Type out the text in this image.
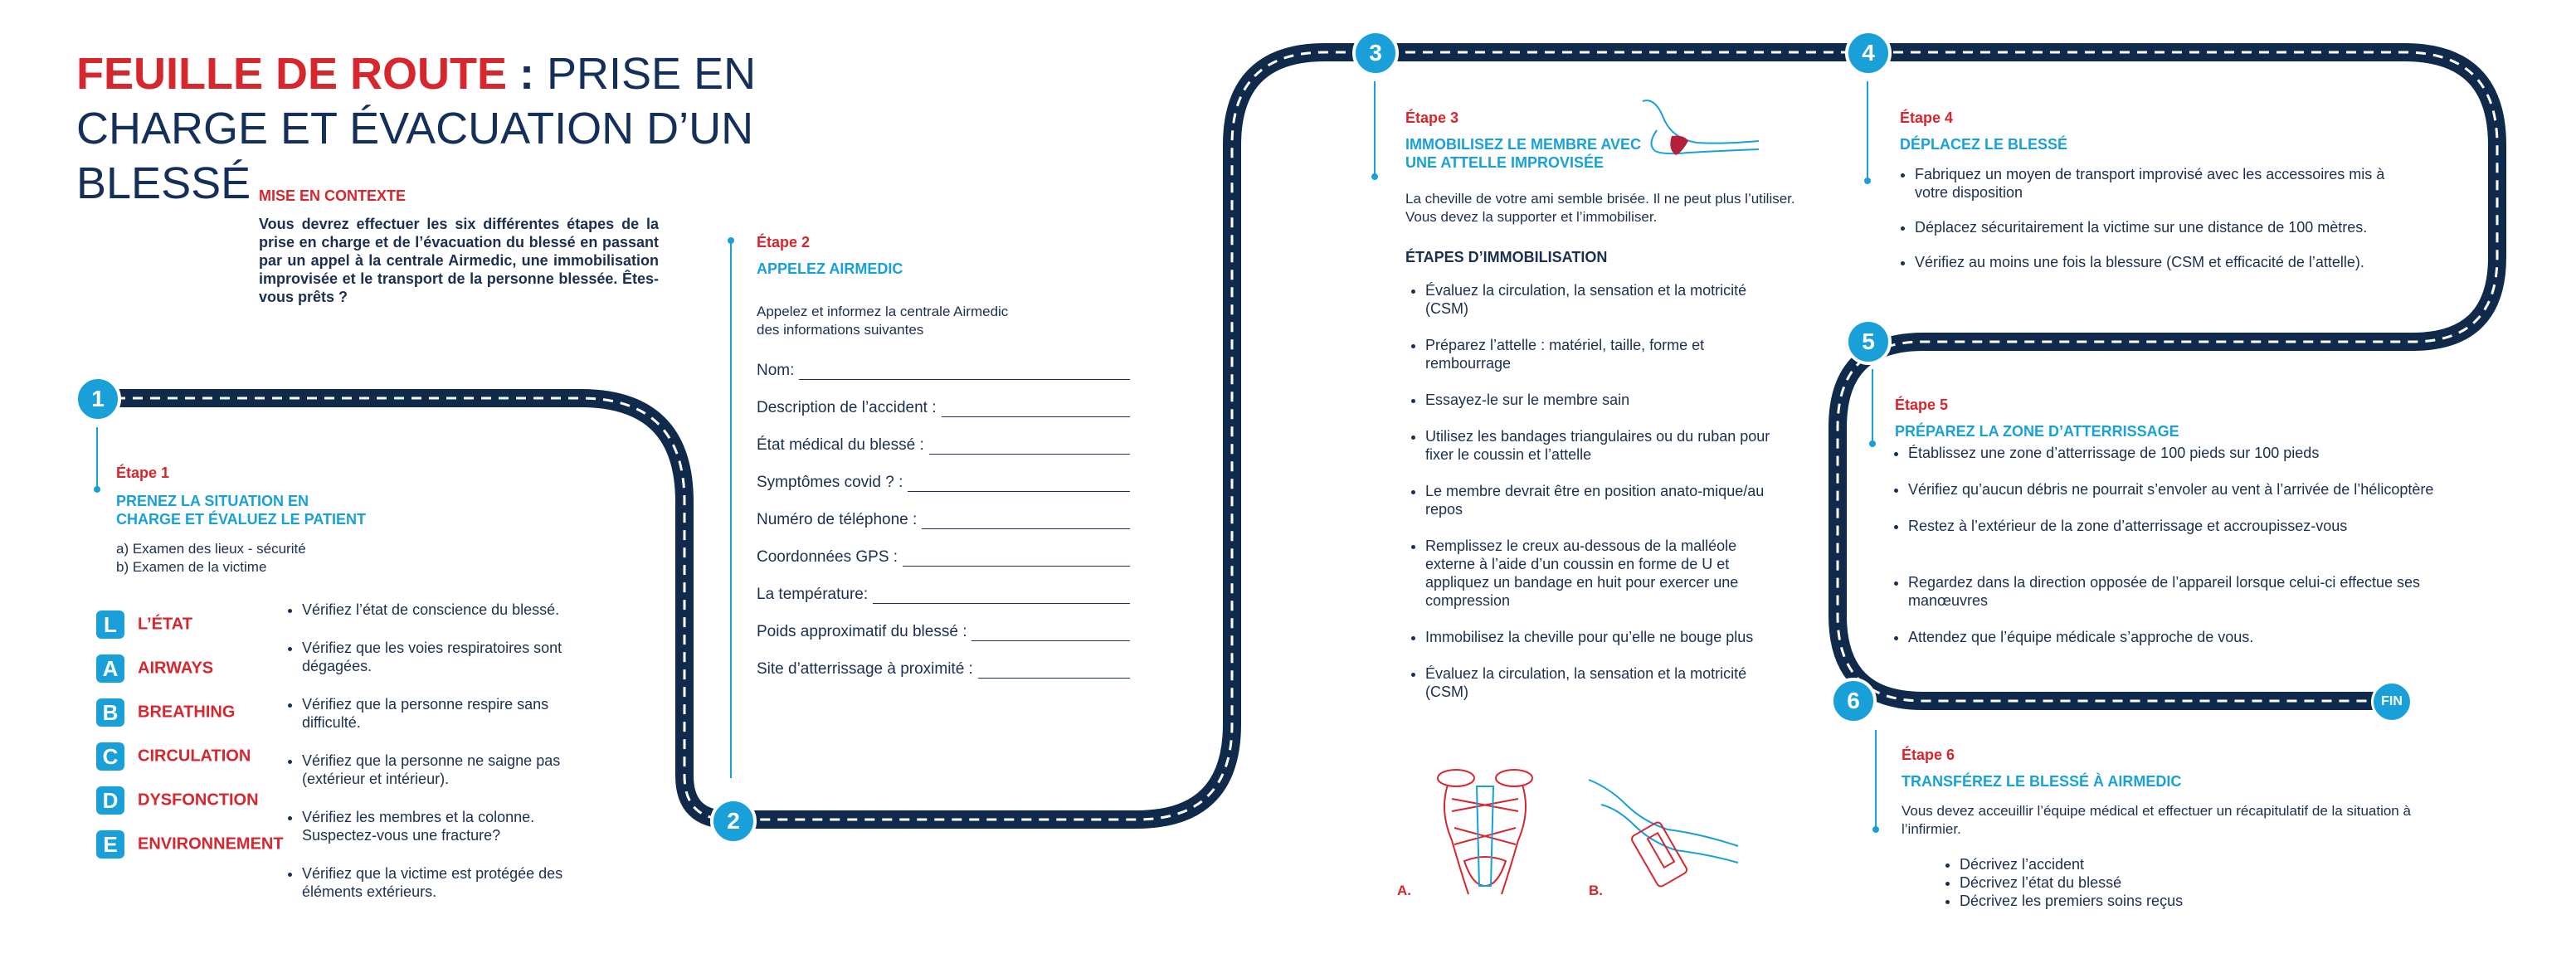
FEUILLE DE ROUTE : PRISE EN
CHARGE ET ÉVACUATION D’UN BLESSÉ MISE EN CONTEXTE
Vous devrez effectuer les six différentes étapes de la prise en charge et de l’évacuation du blessé en passant par un appel à la centrale Airmedic, une immobilisation improvisée et le transport de la personne blessée. Êtes-vous prêts ?
1
2
3	4
5
6	FIN
Étape 1
PRENEZ LA SITUATION EN
CHARGE ET ÉVALUEZ LE PATIENT
a) Examen des lieux - sécurité
b) Examen de la victime
L L’ÉTAT
A AIRWAYS
B BREATHING
C CIRCULATION
D DYSFONCTION
E ENVIRONNEMENT
• Vérifiez l’état de conscience du blessé.
• Vérifiez que les voies respiratoires sont dégagées.
• Vérifiez que la personne respire sans difficulté.
• Vérifiez que la personne ne saigne pas (extérieur et intérieur).
• Vérifiez les membres et la colonne. Suspectez-vous une fracture?
• Vérifiez que la victime est protégée des éléments extérieurs.
Étape 2
APPELEZ AIRMEDIC
Appelez et informez la centrale Airmedic
des informations suivantes
Nom:
Description de l’accident :
État médical du blessé :
Symptômes covid ? :
Numéro de téléphone :
Coordonnées GPS :
La température:
Poids approximatif du blessé :
Site d’atterrissage à proximité :
Étape 3
IMMOBILISEZ LE MEMBRE AVEC
UNE ATTELLE IMPROVISÉE
La cheville de votre ami semble brisée. Il ne peut plus l’utiliser.
Vous devez la supporter et l’immobiliser.
ÉTAPES D’IMMOBILISATION
• Évaluez la circulation, la sensation et la motricité (CSM)
• Préparez l’attelle : matériel, taille, forme et rembourrage
• Essayez-le sur le membre sain
• Utilisez les bandages triangulaires ou du ruban pour fixer le coussin et l’attelle
• Le membre devrait être en position anato-mique/au repos
• Remplissez le creux au-dessous de la malléole externe à l’aide d’un coussin en forme de U et appliquez un bandage en huit pour exercer une compression
• Immobilisez la cheville pour qu’elle ne bouge plus
• Évaluez la circulation, la sensation et la motricité (CSM)
A.	B.
Étape 4
DÉPLACEZ LE BLESSÉ
• Fabriquez un moyen de transport improvisé avec les accessoires mis à votre disposition
• Déplacez sécuritairement la victime sur une distance de 100 mètres.
• Vérifiez au moins une fois la blessure (CSM et efficacité de l’attelle).
Étape 5
PRÉPAREZ LA ZONE D’ATTERRISSAGE
• Établissez une zone d’atterrissage de 100 pieds sur 100 pieds
• Vérifiez qu’aucun débris ne pourrait s’envoler au vent à l’arrivée de l’hélicoptère
• Restez à l’extérieur de la zone d’atterrissage et accroupissez-vous
• Regardez dans la direction opposée de l’appareil lorsque celui-ci effectue ses manœuvres
• Attendez que l’équipe médicale s’approche de vous.
Étape 6
TRANSFÉREZ LE BLESSÉ À AIRMEDIC
Vous devez acceuillir l’équipe médical et effectuer un récapitulatif de la situation à l’infirmier.
• Décrivez l’accident
• Décrivez l’état du blessé
• Décrivez les premiers soins reçus
